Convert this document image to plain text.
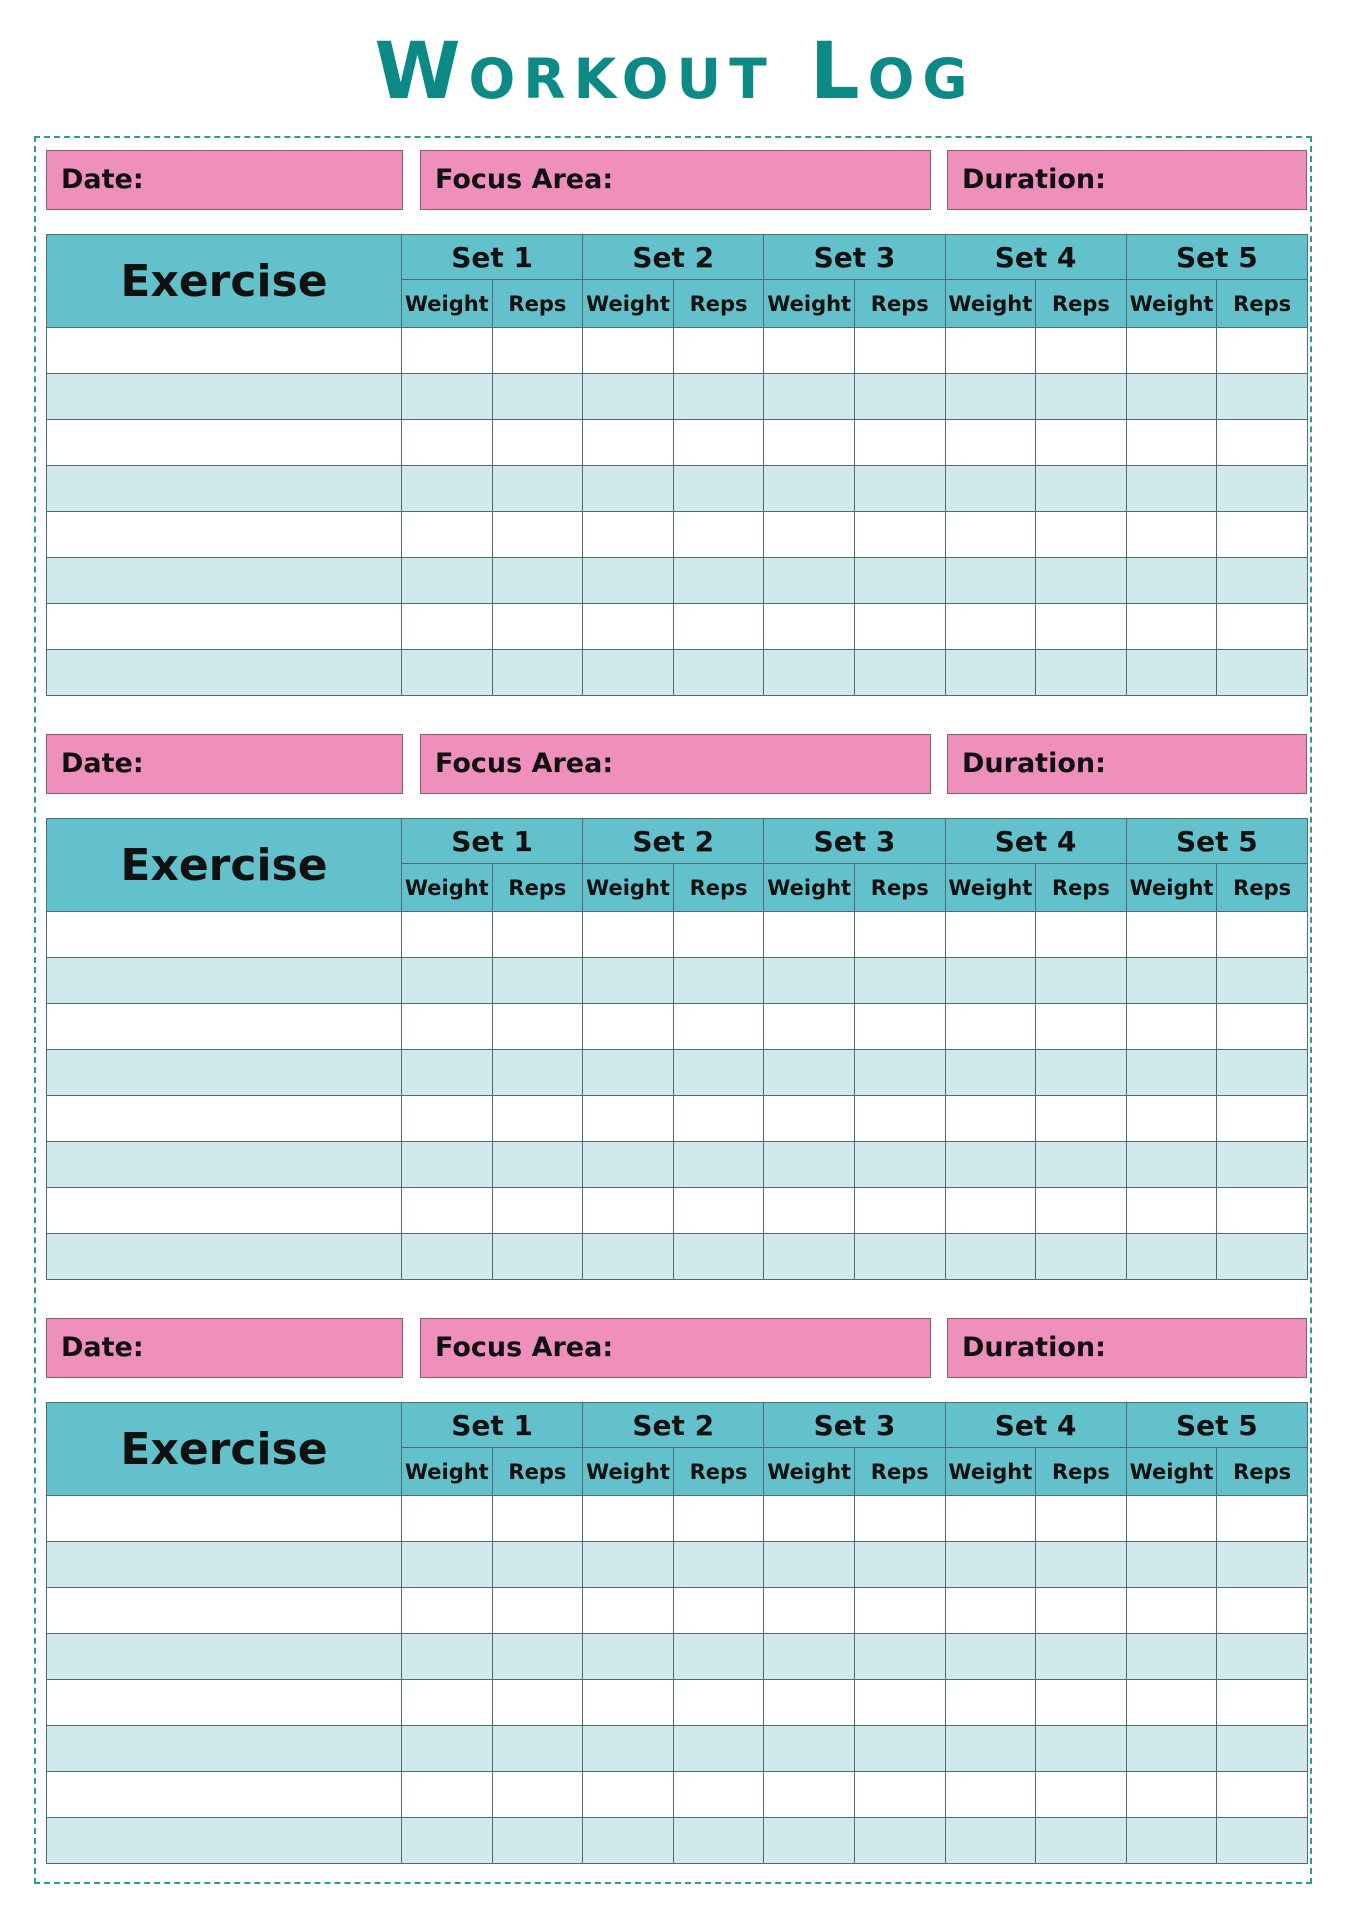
Workout Log
Date:	Focus Area:	Duration:
Exercise	Set 1		Set 2		Set 3		Set 4		Set 5	
	Weight	Reps	Weight	Reps	Weight	Reps	Weight	Reps	Weight	Reps

Date:	Focus Area:	Duration:
Exercise	Set 1		Set 2		Set 3		Set 4		Set 5	
	Weight	Reps	Weight	Reps	Weight	Reps	Weight	Reps	Weight	Reps

Date:	Focus Area:	Duration:
Exercise	Set 1		Set 2		Set 3		Set 4		Set 5	
	Weight	Reps	Weight	Reps	Weight	Reps	Weight	Reps	Weight	Reps
